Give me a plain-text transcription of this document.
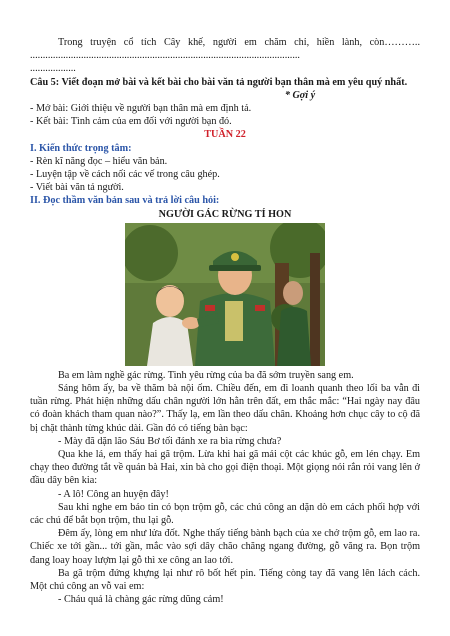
Trong truyện cổ tích Cây khế, người em chăm chỉ, hiền lành, còn……….. ..........................................................................................................

..................

Câu 5: Viết đoạn mở bài và kết bài cho bài văn tả người bạn thân mà em yêu quý nhất.

* Gợi ý

- Mở bài: Giới thiệu về người bạn thân mà em định tả.

- Kết bài: Tình cảm của em đối với người bạn đó.

TUẦN 22

I. Kiến thức trọng tâm:

- Rèn kĩ năng đọc – hiểu văn bản.

- Luyện tập về cách nối các vế trong câu ghép.

- Viết bài văn tả người.

II. Đọc thầm văn bản sau và trả lời câu hỏi:

NGƯỜI GÁC RỪNG TÍ HON

Ba em làm nghề gác rừng. Tinh yêu rừng của ba đã sớm truyền sang em.

Sáng hôm ấy, ba về thăm bà nội ốm. Chiều đến, em đi loanh quanh theo lối ba vẫn đi tuần rừng. Phát hiện những dấu chân người lớn hằn trên đất, em thắc mắc: “Hai ngày nay đâu có đoàn khách tham quan nào?”. Thấy lạ, em lần theo dấu chân. Khoảng hơn chục cây to cộ đã bị chặt thành từng khúc dài. Gần đó có tiếng bàn bạc:

- Mày đã dặn lão Sáu Bơ tối đánh xe ra bìa rừng chưa?

Qua khe lá, em thấy hai gã trộm. Lừa khi hai gã mải cột các khúc gỗ, em lén chạy. Em chạy theo đường tắt về quán bà Hai, xin bà cho gọi điện thoại. Một giọng nói rắn rỏi vang lên ở đầu dây bên kia:

- A lô! Công an huyện đây!

Sau khi nghe em báo tin có bọn trộm gỗ, các chú công an dặn dò em cách phối hợp với các chú để bắt bọn trộm, thu lại gỗ.

Đêm ấy, lòng em như lửa đốt. Nghe thấy tiếng bành bạch của xe chở trộm gỗ, em lao ra. Chiếc xe tới gần... tới gần, mắc vào sợi dây chão chăng ngang đường, gỗ văng ra. Bọn trộm đang loay hoay lượm lại gỗ thì xe công an lao tới.

Ba gã trộm đứng khựng lại như rô bốt hết pin. Tiếng còng tay đã vang lên lách cách. Một chú công an vỗ vai em:

- Cháu quả là chàng gác rừng dũng cảm!
